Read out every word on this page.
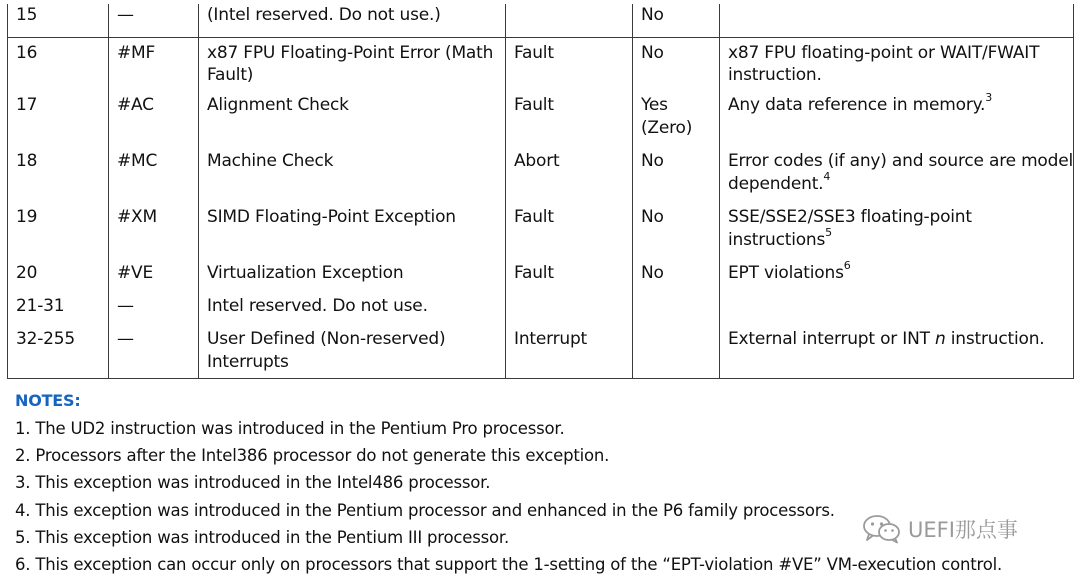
15	—	(Intel reserved. Do not use.)		No	
16	#MF	x87 FPU Floating-Point Error (Math Fault)	Fault	No	x87 FPU floating-point or WAIT/FWAIT instruction.
17	#AC	Alignment Check	Fault	Yes (Zero)	Any data reference in memory.$^3$
18	#MC	Machine Check	Abort	No	Error codes (if any) and source are model dependent.$^4$
19	#XM	SIMD Floating-Point Exception	Fault	No	SSE/SSE2/SSE3 floating-point instructions$^5$
20	#VE	Virtualization Exception	Fault	No	EPT violations$^6$
21-31	—	Intel reserved. Do not use.			
32-255	—	User Defined (Non-reserved) Interrupts	Interrupt		External interrupt or INT n instruction.
NOTES:
1. The UD2 instruction was introduced in the Pentium Pro processor.
2. Processors after the Intel386 processor do not generate this exception.
3. This exception was introduced in the Intel486 processor.
4. This exception was introduced in the Pentium processor and enhanced in the P6 family processors.
5. This exception was introduced in the Pentium III processor.
6. This exception can occur only on processors that support the 1-setting of the “EPT-violation #VE” VM-execution control.
UEFI那点事
